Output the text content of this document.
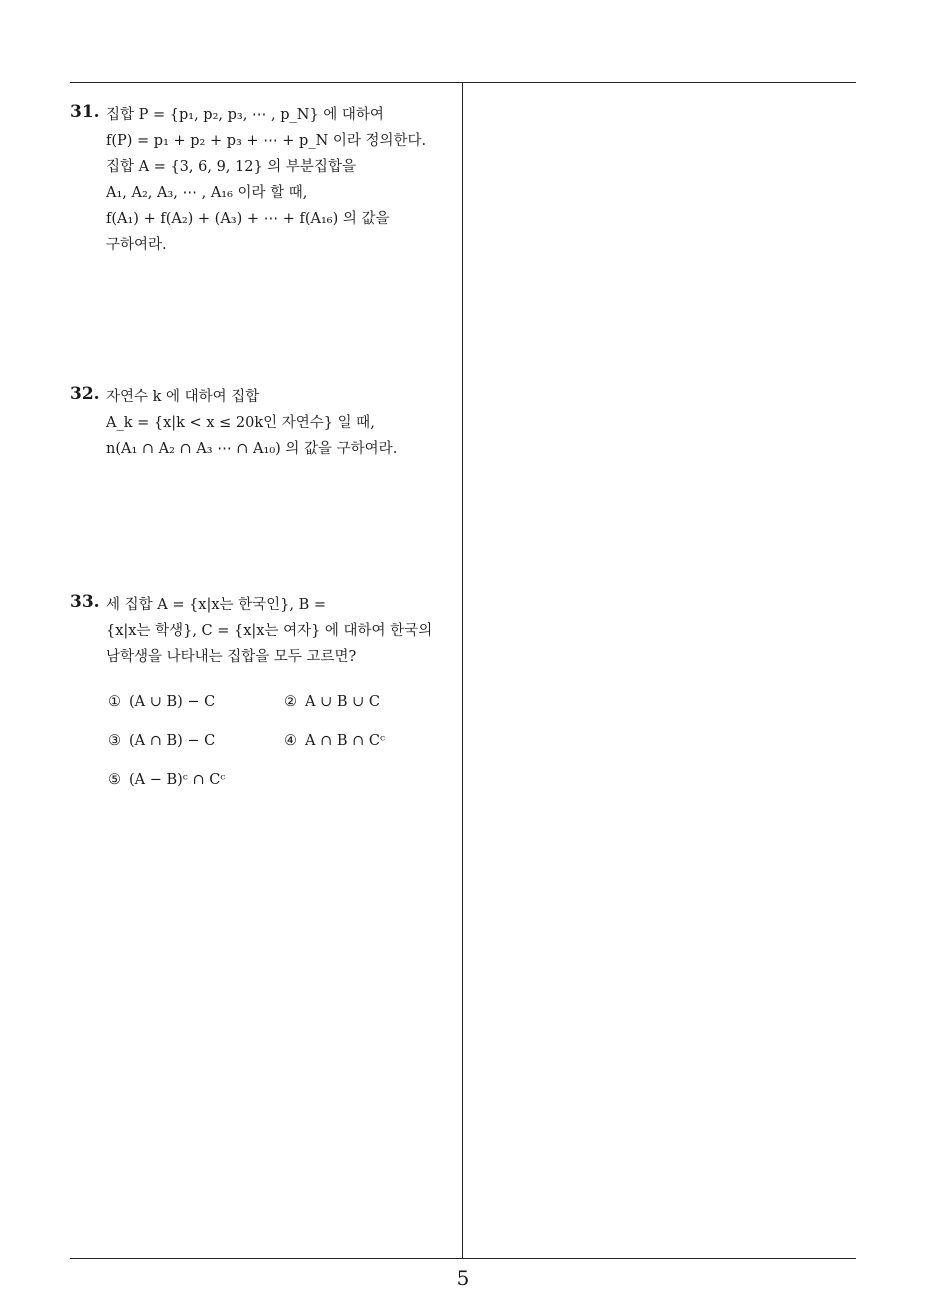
31. 집합 P = {p₁, p₂, p₃, ⋯ , p_N} 에 대하여
f(P) = p₁ + p₂ + p₃ + ⋯ + p_N 이라 정의한다.
집합 A = {3, 6, 9, 12} 의 부분집합을
A₁, A₂, A₃, ⋯ , A₁₆ 이라 할 때,
f(A₁) + f(A₂) + (A₃) + ⋯ + f(A₁₆) 의 값을
구하여라.
32. 자연수 k 에 대하여 집합
A_k = {x|k < x ≤ 20k인 자연수} 일 때,
n(A₁ ∩ A₂ ∩ A₃ ⋯ ∩ A₁₀) 의 값을 구하여라.
33. 세 집합 A = {x|x는 한국인}, B =
{x|x는 학생}, C = {x|x는 여자} 에 대하여 한국의
남학생을 나타내는 집합을 모두 고르면?
① (A ∪ B) − C	② A ∪ B ∪ C
③ (A ∩ B) − C	④ A ∩ B ∩ Cᶜ
⑤ (A − B)ᶜ ∩ Cᶜ
5
